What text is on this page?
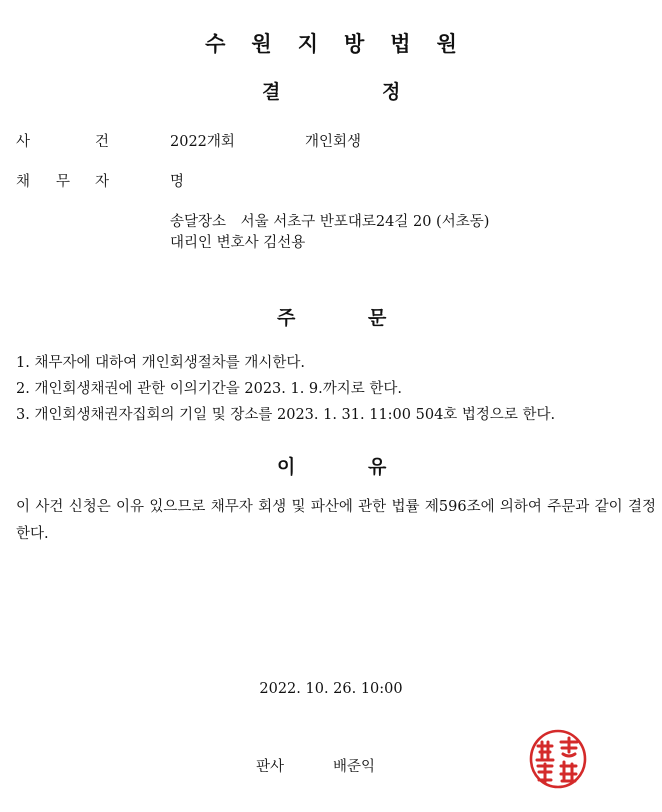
수원지방법원
결	정
사	건	2022개회	개인회생
채 무 자	명
송달장소 서울 서초구 반포대로24길 20 (서초동)
대리인 변호사 김선용
주	문
1. 채무자에 대하여 개인회생절차를 개시한다.
2. 개인회생채권에 관한 이의기간을 2023. 1. 9.까지로 한다.
3. 개인회생채권자집회의 기일 및 장소를 2023. 1. 31. 11:00 504호 법정으로 한다.
이	유
이 사건 신청은 이유 있으므로 채무자 회생 및 파산에 관한 법률 제596조에 의하여 주문과 같이 결정한다.
2022. 10. 26. 10:00
판사	배준익
